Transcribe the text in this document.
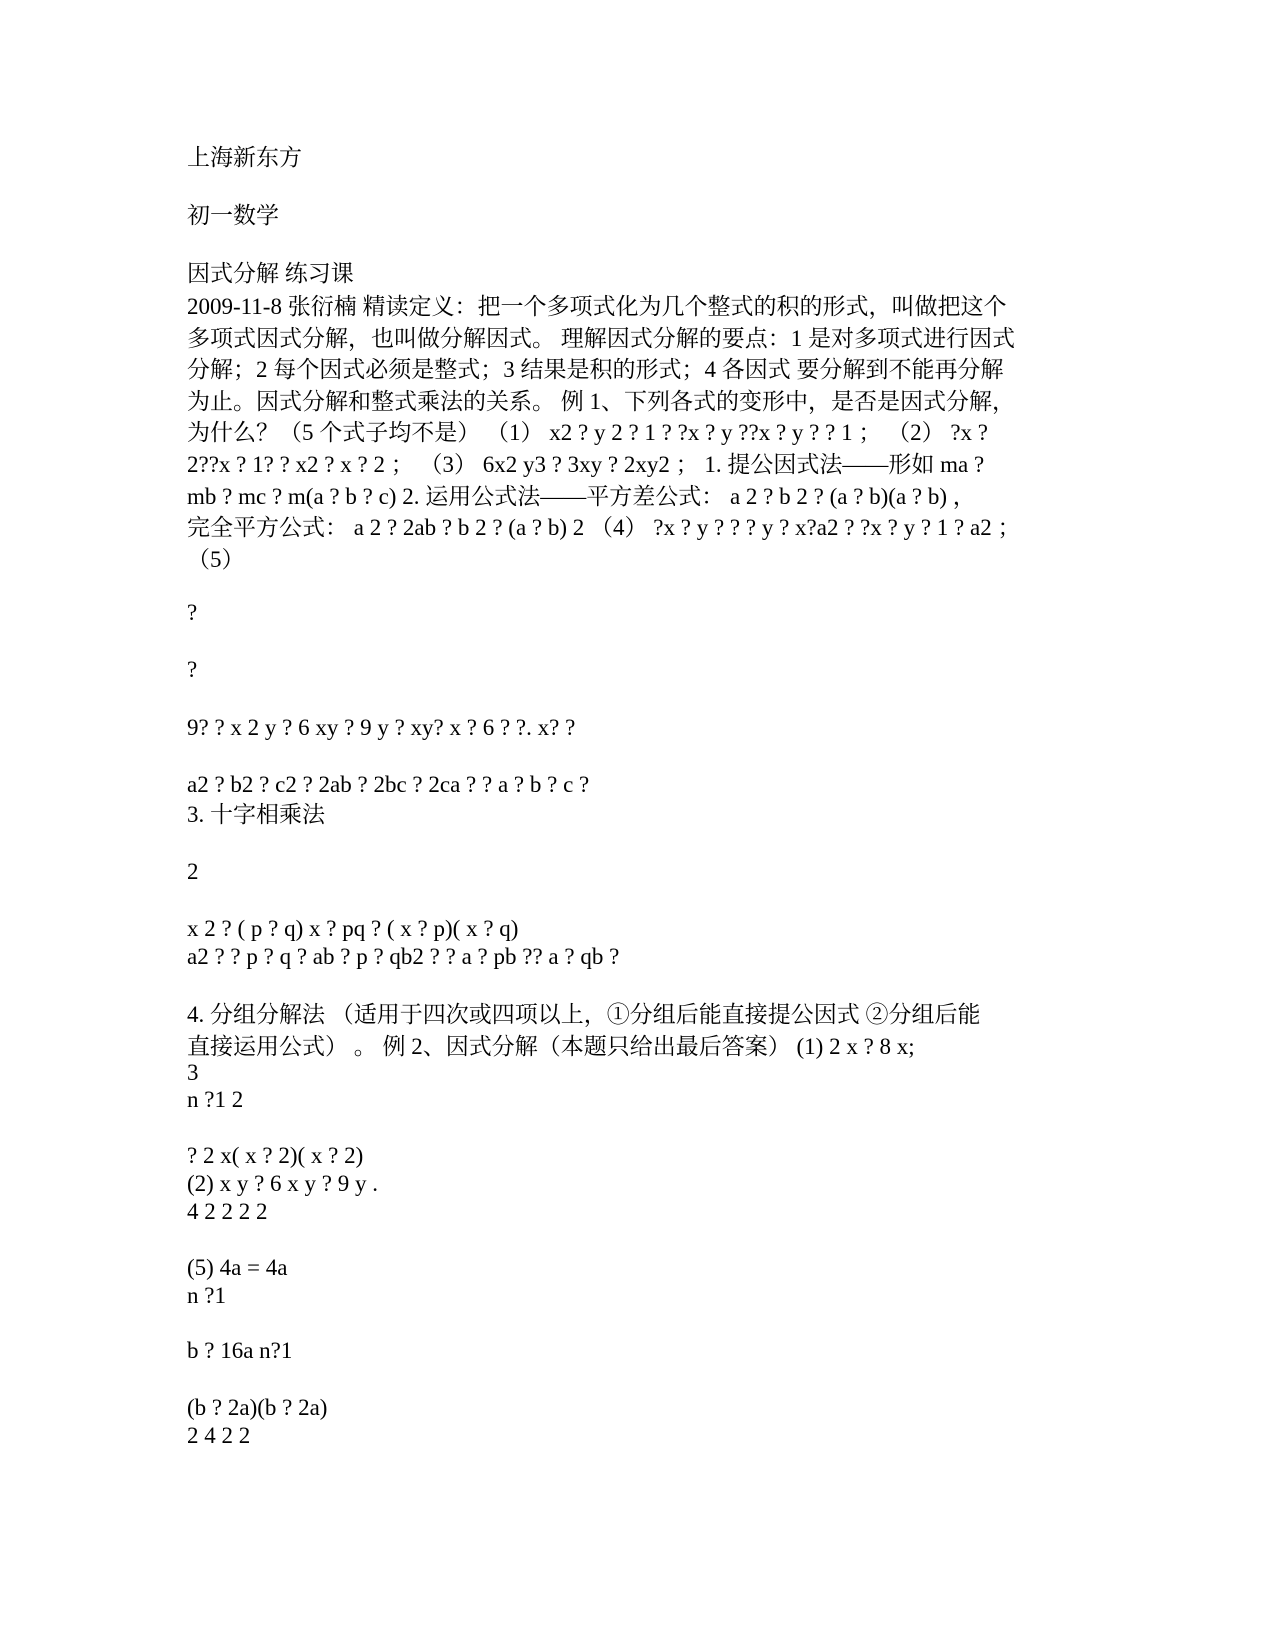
上海新东方

初一数学

因式分解 练习课

2009-11-8 张衍楠 精读定义：把一个多项式化为几个整式的积的形式，叫做把这个
多项式因式分解，也叫做分解因式。 理解因式分解的要点：1 是对多项式进行因式
分解；2 每个因式必须是整式；3 结果是积的形式；4 各因式 要分解到不能再分解
为止。因式分解和整式乘法的关系。 例 1、下列各式的变形中，是否是因式分解，
为什么？（5 个式子均不是） （1） x2 ? y 2 ? 1 ? ?x ? y ??x ? y ? ? 1 ； （2） ?x ?
2??x ? 1? ? x2 ? x ? 2 ； （3） 6x2 y3 ? 3xy ? 2xy2 ； 1. 提公因式法——形如 ma ?
mb ? mc ? m(a ? b ? c) 2. 运用公式法——平方差公式： a 2 ? b 2 ? (a ? b)(a ? b) ，
完全平方公式： a 2 ? 2ab ? b 2 ? (a ? b) 2 （4） ?x ? y ? ? ? y ? x?a2 ? ?x ? y ? 1 ? a2 ；
（5）

?

?

9? ? x 2 y ? 6 xy ? 9 y ? xy? x ? 6 ? ?. x? ?

a2 ? b2 ? c2 ? 2ab ? 2bc ? 2ca ? ? a ? b ? c ?

3. 十字相乘法

2

x 2 ? ( p ? q) x ? pq ? ( x ? p)( x ? q)

a2 ? ? p ? q ? ab ? p ? qb2 ? ? a ? pb ?? a ? qb ?

4. 分组分解法 （适用于四次或四项以上，①分组后能直接提公因式 ②分组后能
直接运用公式） 。 例 2、因式分解（本题只给出最后答案） (1) 2 x ? 8 x;

3

n ?1 2

? 2 x( x ? 2)( x ? 2)

(2) x y ? 6 x y ? 9 y .

4 2 2 2 2

(5) 4a = 4a

n ?1

b ? 16a n?1

(b ? 2a)(b ? 2a)

2 4 2 2
